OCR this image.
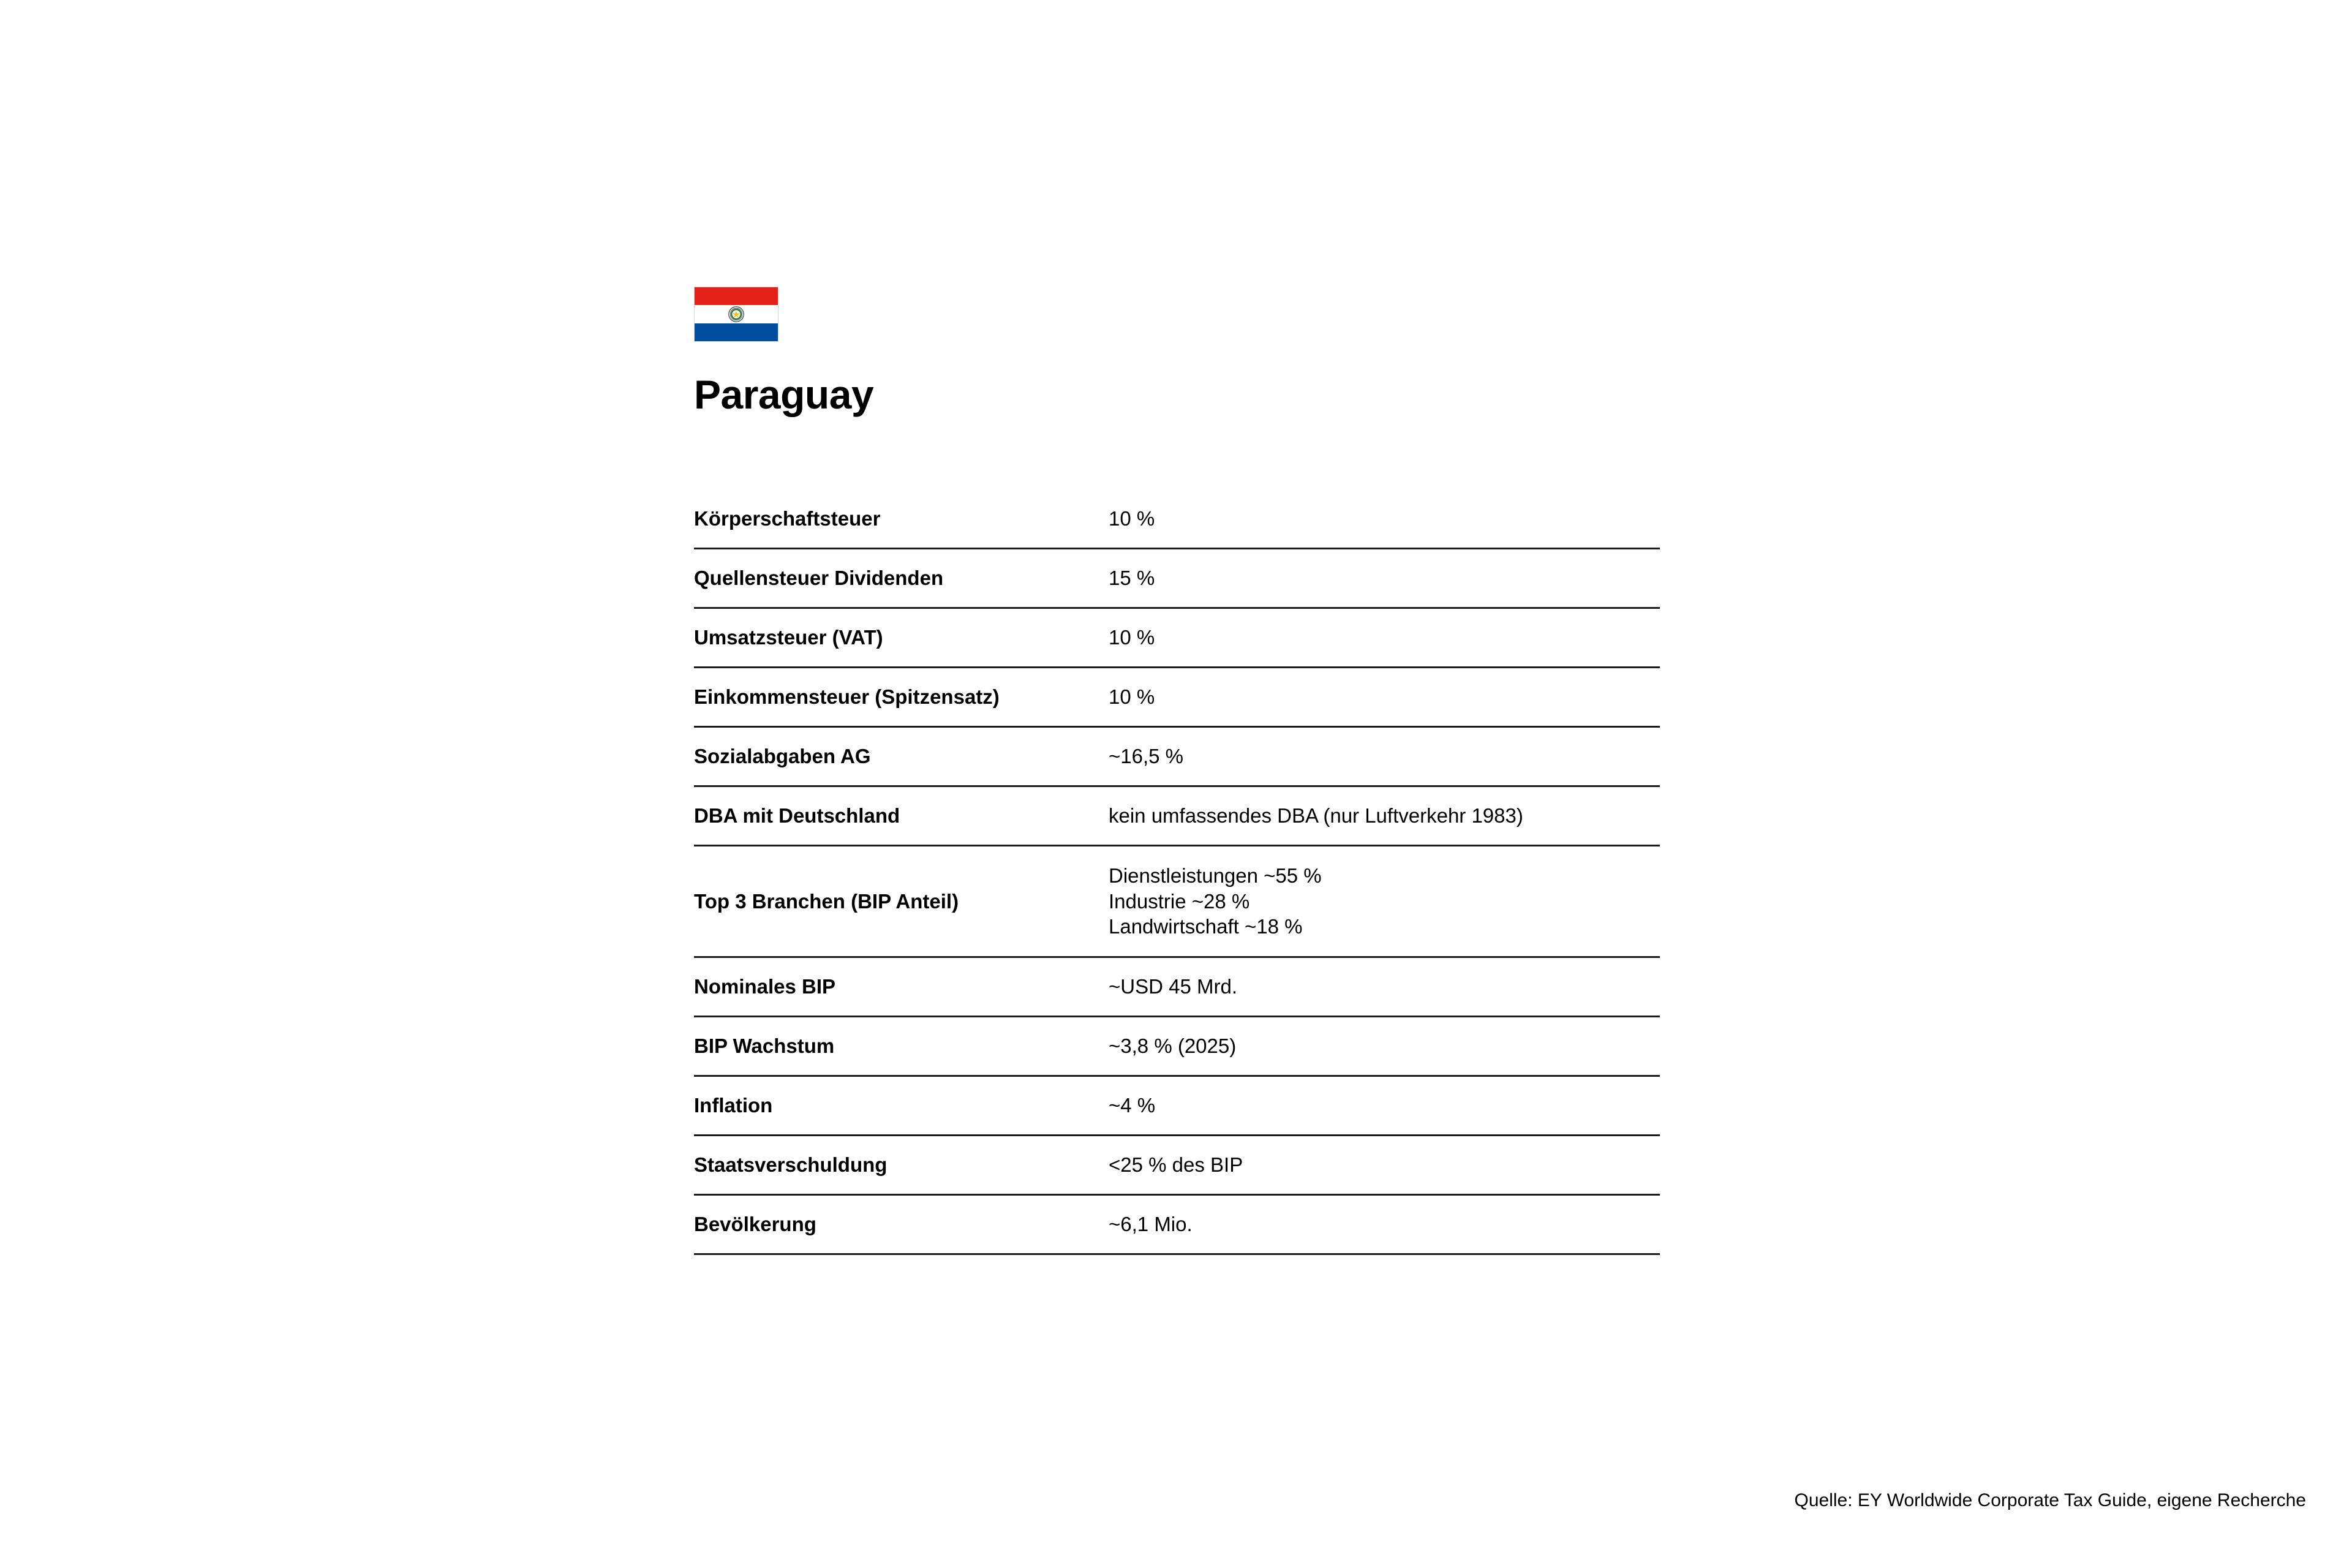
Paraguay
Körperschaftsteuer	10 %
Quellensteuer Dividenden	15 %
Umsatzsteuer (VAT)	10 %
Einkommensteuer (Spitzensatz)	10 %
Sozialabgaben AG	~16,5 %
DBA mit Deutschland	kein umfassendes DBA (nur Luftverkehr 1983)
Top 3 Branchen (BIP Anteil)	Dienstleistungen ~55 %
Industrie ~28 %
Landwirtschaft ~18 %

Nominales BIP	~USD 45 Mrd.
BIP Wachstum	~3,8 % (2025)
Inflation	~4 %
Staatsverschuldung	<25 % des BIP
Bevölkerung	~6,1 Mio.
Quelle: EY Worldwide Corporate Tax Guide, eigene Recherche
